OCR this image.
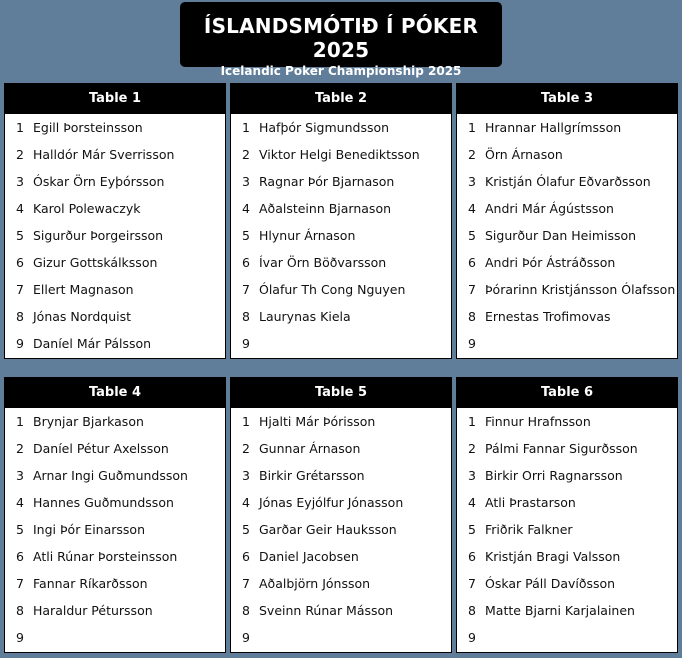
ÍSLANDSMÓTIÐ Í PÓKER 2025
Icelandic Poker Championship 2025
Table 1
1 Egill Þorsteinsson
2 Halldór Már Sverrisson
3 Óskar Örn Eyþórsson
4 Karol Polewaczyk
5 Sigurður Þorgeirsson
6 Gizur Gottskálksson
7 Ellert Magnason
8 Jónas Nordquist
9 Daníel Már Pálsson
Table 2
1 Hafþór Sigmundsson
2 Viktor Helgi Benediktsson
3 Ragnar Þór Bjarnason
4 Aðalsteinn Bjarnason
5 Hlynur Árnason
6 Ívar Örn Böðvarsson
7 Ólafur Th Cong Nguyen
8 Laurynas Kiela
9
Table 3
1 Hrannar Hallgrímsson
2 Örn Árnason
3 Kristján Ólafur Eðvarðsson
4 Andri Már Ágústsson
5 Sigurður Dan Heimisson
6 Andri Þór Ástráðsson
7 Þórarinn Kristjánsson Ólafsson
8 Ernestas Trofimovas
9
Table 4
1 Brynjar Bjarkason
2 Daníel Pétur Axelsson
3 Arnar Ingi Guðmundsson
4 Hannes Guðmundsson
5 Ingi Þór Einarsson
6 Atli Rúnar Þorsteinsson
7 Fannar Ríkarðsson
8 Haraldur Pétursson
9
Table 5
1 Hjalti Már Þórisson
2 Gunnar Árnason
3 Birkir Grétarsson
4 Jónas Eyjólfur Jónasson
5 Garðar Geir Hauksson
6 Daniel Jacobsen
7 Aðalbjörn Jónsson
8 Sveinn Rúnar Másson
9
Table 6
1 Finnur Hrafnsson
2 Pálmi Fannar Sigurðsson
3 Birkir Orri Ragnarsson
4 Atli Þrastarson
5 Friðrik Falkner
6 Kristján Bragi Valsson
7 Óskar Páll Davíðsson
8 Matte Bjarni Karjalainen
9
